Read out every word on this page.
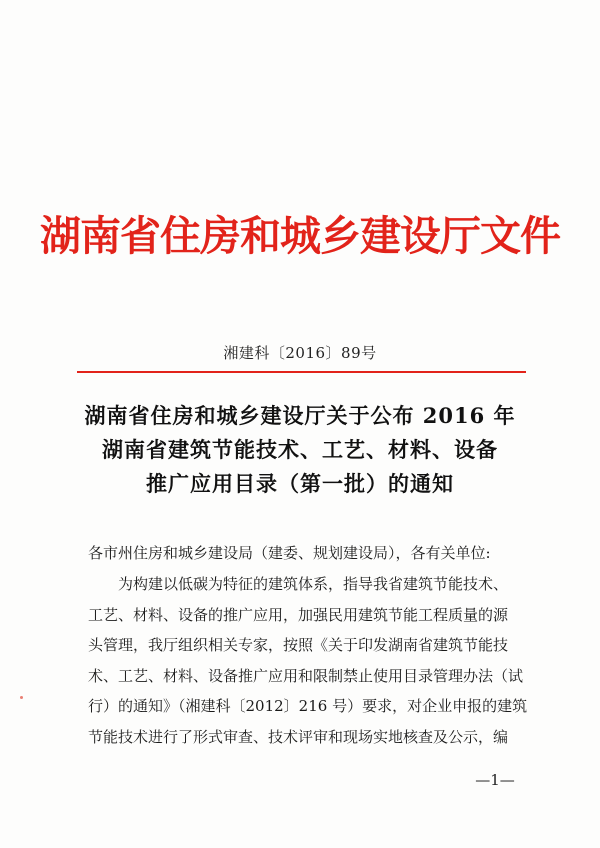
湖南省住房和城乡建设厅文件
湘建科〔2016〕89号
湖南省住房和城乡建设厅关于公布 2016 年
湖南省建筑节能技术、工艺、材料、设备
推广应用目录（第一批）的通知
各市州住房和城乡建设局（建委、规划建设局），各有关单位:
为构建以低碳为特征的建筑体系，指导我省建筑节能技术、
工艺、材料、设备的推广应用，加强民用建筑节能工程质量的源
头管理，我厅组织相关专家，按照《关于印发湖南省建筑节能技
术、工艺、材料、设备推广应用和限制禁止使用目录管理办法（试
行）的通知》（湘建科〔2012〕216 号）要求，对企业申报的建筑
节能技术进行了形式审查、技术评审和现场实地核查及公示，编
—1—
